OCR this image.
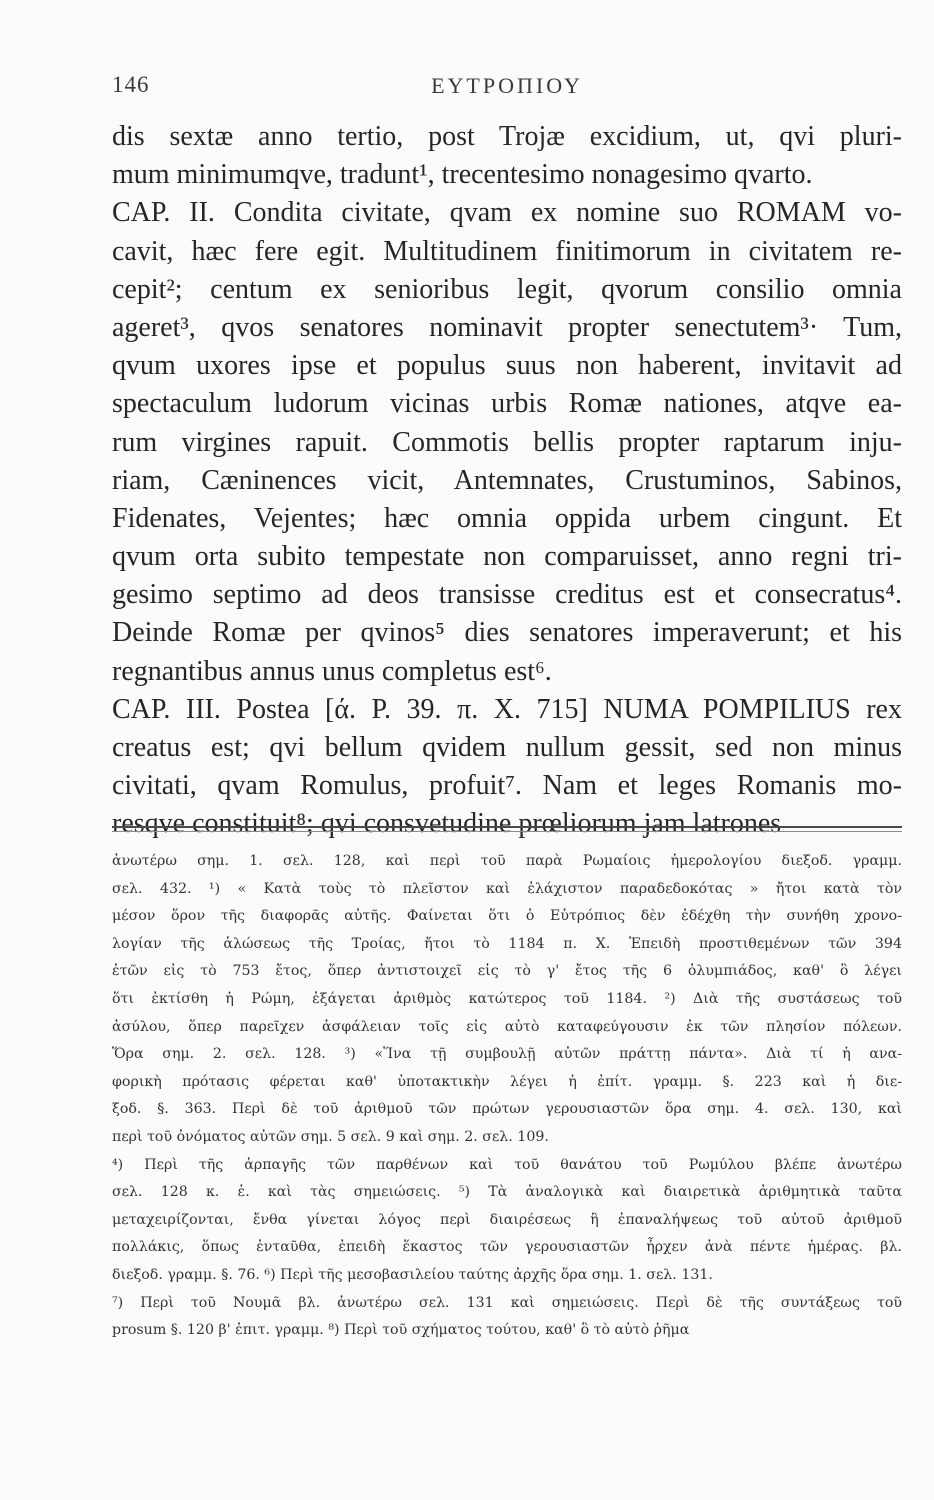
146	ΕΥΤΡΟΠΙΟΥ
dis sextæ anno tertio, post Trojæ excidium, ut, qvi pluri-
mum minimumqve, tradunt¹, trecentesimo nonagesimo qvarto.
CAP. II. Condita civitate, qvam ex nomine suo ROMAM vo-
cavit, hæc fere egit. Multitudinem finitimorum in civitatem re-
cepit²; centum ex senioribus legit, qvorum consilio omnia
ageret³, qvos senatores nominavit propter senectutem³· Tum,
qvum uxores ipse et populus suus non haberent, invitavit ad
spectaculum ludorum vicinas urbis Romæ nationes, atqve ea-
rum virgines rapuit. Commotis bellis propter raptarum inju-
riam, Cæninences vicit, Antemnates, Crustuminos, Sabinos,
Fidenates, Vejentes; hæc omnia oppida urbem cingunt. Et
qvum orta subito tempestate non comparuisset, anno regni tri-
gesimo septimo ad deos transisse creditus est et consecratus⁴.
Deinde Romæ per qvinos⁵ dies senatores imperaverunt; et his
regnantibus annus unus completus est⁶.
CAP. III. Postea [ά. P. 39. π. X. 715] NUMA POMPILIUS rex
creatus est; qvi bellum qvidem nullum gessit, sed non minus
civitati, qvam Romulus, profuit⁷. Nam et leges Romanis mo-
resqve constituit⁸; qvi consvetudine prœliorum jam latrones
ἀνωτέρω σημ. 1. σελ. 128, καὶ περὶ τοῦ παρὰ Ρωμαίοις ἡμερολογίου διεξοδ. γραμμ.
σελ. 432. ¹) « Κατὰ τοὺς τὸ πλεῖστον καὶ ἐλάχιστον παραδεδοκότας » ἤτοι κατὰ τὸν
μέσον ὅρον τῆς διαφορᾶς αὐτῆς. Φαίνεται ὅτι ὁ Εὐτρόπιος δὲν ἐδέχθη τὴν συνήθη χρονο-
λογίαν τῆς ἁλώσεως τῆς Τροίας, ἤτοι τὸ 1184 π. Χ. Ἐπειδὴ προστιθεμένων τῶν 394
ἐτῶν εἰς τὸ 753 ἔτος, ὅπερ ἀντιστοιχεῖ εἰς τὸ γ' ἔτος τῆς 6 ὀλυμπιάδος, καθ' ὃ λέγει
ὅτι ἐκτίσθη ἡ Ρώμη, ἐξάγεται ἀριθμὸς κατώτερος τοῦ 1184. ²) Διὰ τῆς συστάσεως τοῦ
ἀσύλου, ὅπερ παρεῖχεν ἀσφάλειαν τοῖς εἰς αὐτὸ καταφεύγουσιν ἐκ τῶν πλησίον πόλεων.
Ὅρα σημ. 2. σελ. 128. ³) «Ἵνα τῇ συμβουλῇ αὐτῶν πράττῃ πάντα». Διὰ τί ἡ ανα-
φορικὴ πρότασις φέρεται καθ' ὑποτακτικὴν λέγει ἡ ἐπίτ. γραμμ. §. 223 καὶ ἡ διε-
ξοδ. §. 363. Περὶ δὲ τοῦ ἀριθμοῦ τῶν πρώτων γερουσιαστῶν ὅρα σημ. 4. σελ. 130, καὶ
περὶ τοῦ ὀνόματος αὐτῶν σημ. 5 σελ. 9 καὶ σημ. 2. σελ. 109.
⁴) Περὶ τῆς ἁρπαγῆς τῶν παρθένων καὶ τοῦ θανάτου τοῦ Ρωμύλου βλέπε ἀνωτέρω
σελ. 128 κ. ἑ. καὶ τὰς σημειώσεις. ⁵) Τὰ ἀναλογικὰ καὶ διαιρετικὰ ἀριθμητικὰ ταῦτα
μεταχειρίζονται, ἔνθα γίνεται λόγος περὶ διαιρέσεως ἢ ἐπαναλήψεως τοῦ αὐτοῦ ἀριθμοῦ
πολλάκις, ὅπως ἐνταῦθα, ἐπειδὴ ἕκαστος τῶν γερουσιαστῶν ἦρχεν ἀνὰ πέντε ἡμέρας. βλ.
διεξοδ. γραμμ. §. 76. ⁶) Περὶ τῆς μεσοβασιλείου ταύτης ἀρχῆς ὅρα σημ. 1. σελ. 131.
⁷) Περὶ τοῦ Νουμᾶ βλ. ἀνωτέρω σελ. 131 καὶ σημειώσεις. Περὶ δὲ τῆς συντάξεως τοῦ
prosum §. 120 β' ἐπιτ. γραμμ. ⁸) Περὶ τοῦ σχήματος τούτου, καθ' ὃ τὸ αὐτὸ ῥῆμα
